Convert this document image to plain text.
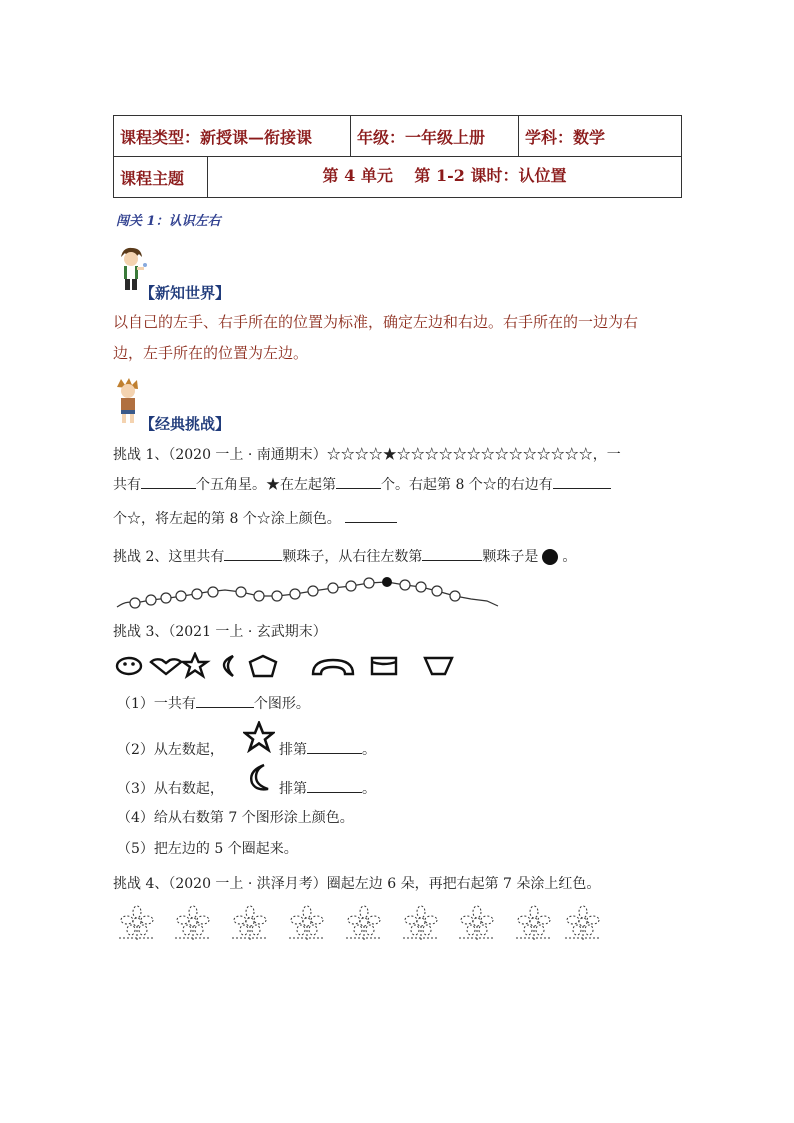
课程类型：新授课—衔接课		年级：一年级上册	学科：数学
课程主题	第 4 单元　 第 1-2 课时：认位置		
闯关 1：认识左右
【新知世界】
以自己的左手、右手所在的位置为标准，确定左边和右边。右手所在的一边为右
边，左手所在的位置为左边。
【经典挑战】
挑战 1、（2020 一上 · 南通期末）☆☆☆☆★☆☆☆☆☆☆☆☆☆☆☆☆☆☆，一
共有	个五角星。★在左起第	个。右起第 8 个☆的右边有
个☆，将左起的第 8 个☆涂上颜色。
挑战 2、这里共有	颗珠子，从右往左数第	颗珠子是 。
挑战 3、（2021 一上 · 玄武期末）
（1）一共有	个图形。
（2）从左数起，	排第	。
（3）从右数起，	排第	。
（4）给从右数第 7 个图形涂上颜色。
（5）把左边的 5 个圈起来。
挑战 4、（2020 一上 · 洪泽月考）圈起左边 6 朵，再把右起第 7 朵涂上红色。
